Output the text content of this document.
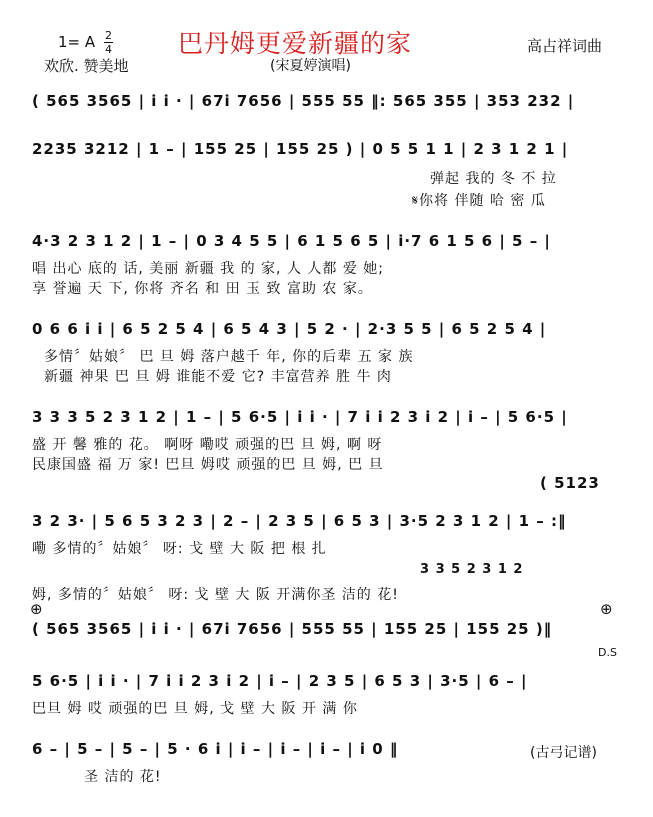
巴丹姆更爱新疆的家
1= A $\frac{2}{4}$
欢欣. 赞美地	(宋夏婷演唱)
高占祥词曲
( 565 3565 | i i · | 67i 7656 | 555 55 ‖: 565 355 | 353 232 |
2235 3212 | 1 – | 155 25 | 155 25 ) | 0 5 5 1 1 | 2 3 1 2 1 |
弹起 我的 冬 不 拉
𝄋你将 伴随 哈 密 瓜
4·3 2 3 1 2 | 1 – | 0 3 4 5 5 | 6 1 5 6 5 | i·7 6 1 5 6 | 5 – |
唱 出心 底的 话, 美丽 新疆 我 的 家, 人 人都 爱 她;
享 誉遍 天 下, 你将 齐名 和 田 玉 致 富助 农 家。
0 6 6 i i | 6 5 2 5 4 | 6 5 4 3 | 5 2 · | 2·3 5 5 | 6 5 2 5 4 |
多情〞姑娘〞 巴 旦 姆 落户越千 年, 你的后辈 五 家 族
新疆 神果 巴 旦 姆 谁能不爱 它? 丰富营养 胜 牛 肉
3 3 3 5 2 3 1 2 | 1 – | 5 6·5 | i i · | 7 i i 2 3 i 2 | i – | 5 6·5 |
盛 开 馨 雅的 花。 啊呀 嘞哎 顽强的巴 旦 姆, 啊 呀
民康国盛 福 万 家! 巴旦 姆哎 顽强的巴 旦 姆, 巴 旦
( 5123
3 2 3· | 5 6 5 3 2 3 | 2 – | 2 3 5 | 6 5 3 | 3·5 2 3 1 2 | 1 – :‖
嘞 多情的〞姑娘〞 呀: 戈 壁 大 阪 把 根 扎
3 3 5 2 3 1 2
姆, 多情的〞姑娘〞 呀: 戈 壁 大 阪 开满你圣 洁的 花!
⊕	⊕
( 565 3565 | i i · | 67i 7656 | 555 55 | 155 25 | 155 25 )‖
D.S
5 6·5 | i i · | 7 i i 2 3 i 2 | i – | 2 3 5 | 6 5 3 | 3·5 | 6 – |
巴旦 姆 哎 顽强的巴 旦 姆, 戈 壁 大 阪 开 满 你
6 – | 5 – | 5 – | 5 · 6 i | i – | i – | i – | i 0 ‖
圣 洁的 花!
(古弓记谱)
